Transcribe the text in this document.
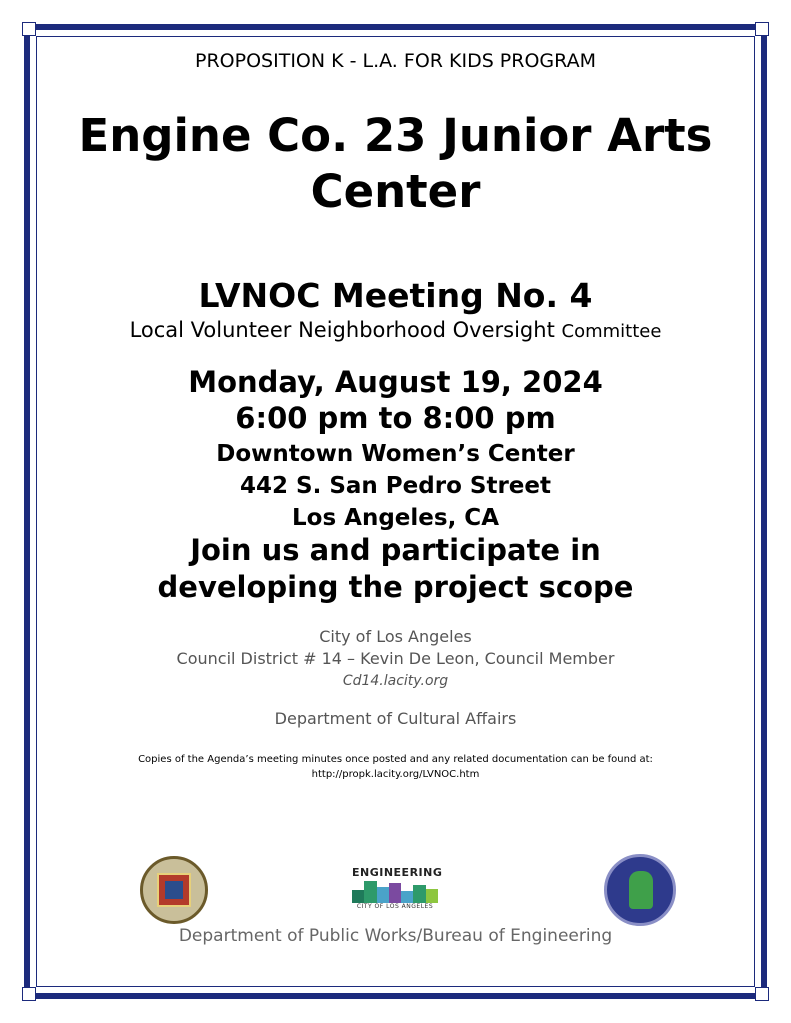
PROPOSITION K - L.A. FOR KIDS PROGRAM
Engine Co. 23 Junior Arts
Center
LVNOC Meeting No. 4
Local Volunteer Neighborhood Oversight Committee
Monday, August 19, 2024
6:00 pm to 8:00 pm
Downtown Women’s Center
442 S. San Pedro Street
Los Angeles, CA
Join us and participate in
developing the project scope
City of Los Angeles
Council District # 14 – Kevin De Leon, Council Member
Cd14.lacity.org
Department of Cultural Affairs
Copies of the Agenda’s meeting minutes once posted and any related documentation can be found at:
http://propk.lacity.org/LVNOC.htm
ENGINEERING
CITY OF LOS ANGELES
Department of Public Works/Bureau of Engineering
